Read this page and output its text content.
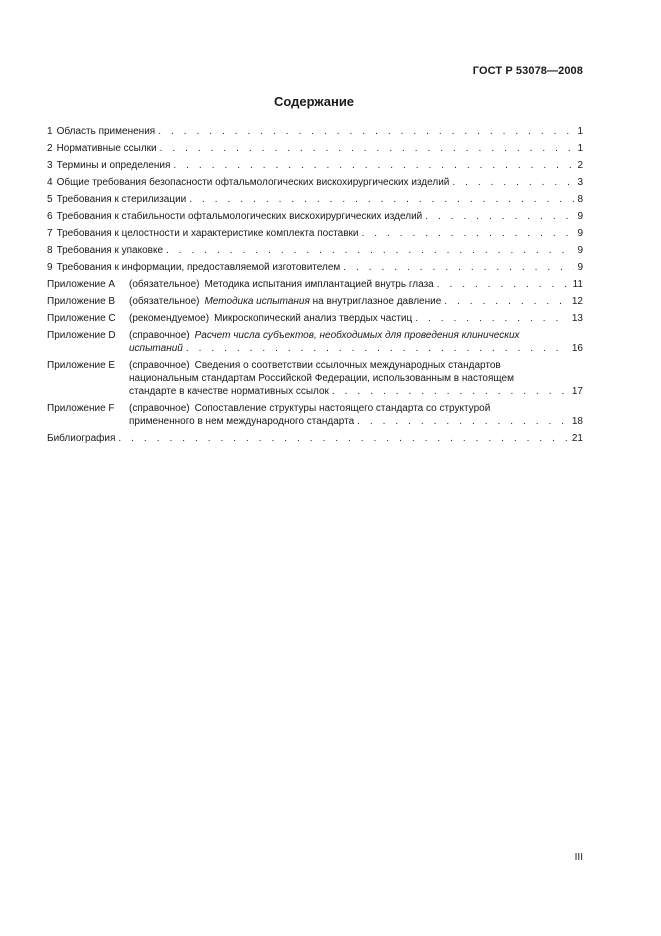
ГОСТ Р 53078—2008
Содержание
1 Область применения . . .	1
2 Нормативные ссылки . . .	1
3 Термины и определения . . .	2
4 Общие требования безопасности офтальмологических вискохирургических изделий . . .	3
5 Требования к стерилизации . . .	8
6 Требования к стабильности офтальмологических вискохирургических изделий . . .	9
7 Требования к целостности и характеристике комплекта поставки . . .	9
8 Требования к упаковке . . .	9
9 Требования к информации, предоставляемой изготовителем . . .	9
Приложение А	(обязательное) Методика испытания имплантацией внутрь глаза . . .	11
Приложение В	(обязательное) Методика испытания на внутриглазное давление . . .	12
Приложение С	(рекомендуемое) Микроскопический анализ твердых частиц . . .	13
Приложение D	(справочное) Расчет числа субъектов, необходимых для проведения клинических
испытаний . . .	16
Приложение Е	(справочное) Сведения о соответствии ссылочных международных стандартов
национальным стандартам Российской Федерации, использованным в настоящем
стандарте в качестве нормативных ссылок . . .	17
Приложение F	(справочное) Сопоставление структуры настоящего стандарта со структурой
примененного в нем международного стандарта . . .	18
Библиография . . .	21
III
